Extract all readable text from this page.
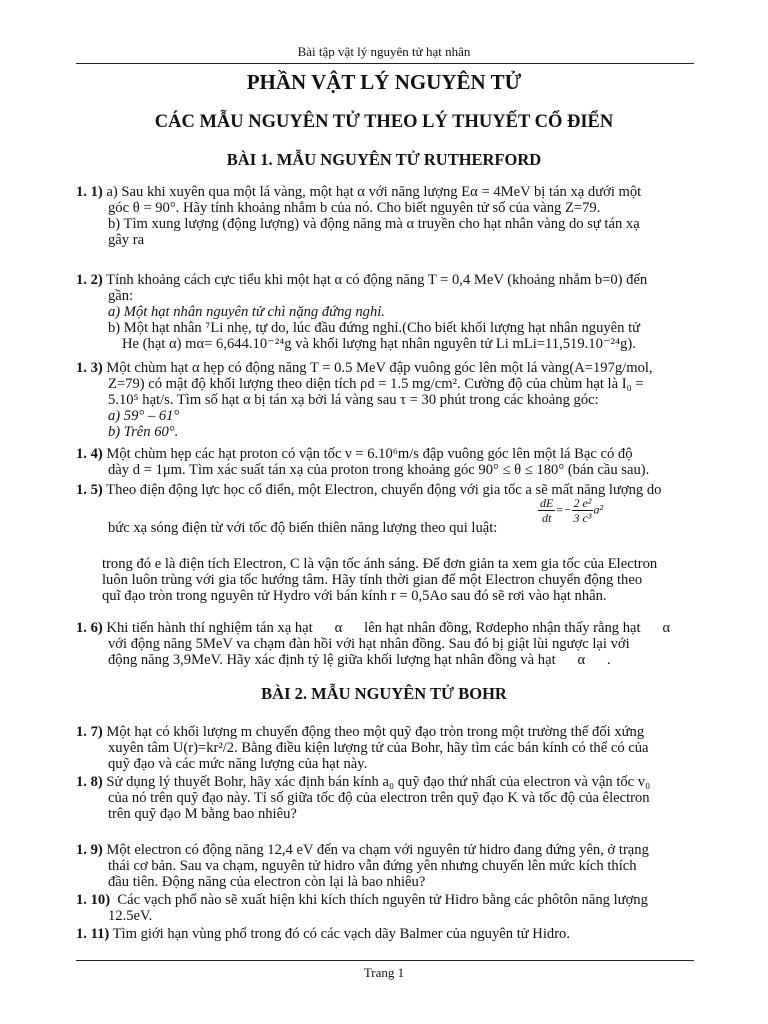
Bài tập vật lý nguyên tử hạt nhân
PHẦN VẬT LÝ NGUYÊN TỬ
CÁC MẪU NGUYÊN TỬ THEO LÝ THUYẾT CỔ ĐIỂN
BÀI 1. MẪU NGUYÊN TỬ RUTHERFORD
1. 1) a) Sau khi xuyên qua một lá vàng, một hạt α với năng lượng Eα = 4MeV bị tán xạ dưới một
góc θ = 90°. Hãy tính khoảng nhắm b của nó. Cho biết nguyên tử số của vàng Z=79.
b) Tìm xung lượng (động lượng) và động năng mà α truyền cho hạt nhân vàng do sự tán xạ
gây ra
1. 2) Tính khoảng cách cực tiểu khi một hạt α có động năng T = 0,4 MeV (khoảng nhắm b=0) đến
gần:
a) Một hạt nhân nguyên tử chì nặng đứng nghỉ.
b) Một hạt nhân ⁷Li nhẹ, tự do, lúc đầu đứng nghỉ.(Cho biết khối lượng hạt nhân nguyên tử
He (hạt α) mα= 6,644.10⁻²⁴g và khối lượng hạt nhân nguyên tử Li mLi=11,519.10⁻²⁴g).
1. 3) Một chùm hạt α hẹp có động năng T = 0.5 MeV đập vuông góc lên một lá vàng(A=197g/mol,
Z=79) có mật độ khối lượng theo diện tích ρd = 1.5 mg/cm². Cường độ của chùm hạt là I₀ =
5.10⁵ hạt/s. Tìm số hạt α bị tán xạ bởi lá vàng sau τ = 30 phút trong các khoảng góc:
a) 59° – 61°
b) Trên 60°.
1. 4) Một chùm hẹp các hạt proton có vận tốc ν = 6.10⁶m/s đập vuông góc lên một lá Bạc có độ
dày d = 1μm. Tìm xác suất tán xạ của proton trong khoảng góc 90° ≤ θ ≤ 180° (bán cầu sau).
1. 5) Theo điện động lực học cổ điển, một Electron, chuyển động với gia tốc a sẽ mất năng lượng do
bức xạ sóng điện từ với tốc độ biến thiên năng lượng theo qui luật:
trong đó e là điện tích Electron, C là vận tốc ánh sáng. Để đơn giản ta xem gia tốc của Electron
luôn luôn trùng với gia tốc hướng tâm. Hãy tính thời gian để một Electron chuyển động theo
quĩ đạo tròn trong nguyên tử Hydro với bán kính r = 0,5Ao sau đó sẽ rơi vào hạt nhân.
$\frac{dE}{dt} =- \frac{\text{2 e²}}{\text{3 c³}} a^2$
1. 6) Khi tiến hành thí nghiệm tán xạ hạt      α      lên hạt nhân đồng, Rơdepho nhận thấy rằng hạt      α
với động năng 5MeV va chạm đàn hồi với hạt nhân đồng. Sau đó bị giật lùi ngược lại với
động năng 3,9MeV. Hãy xác định tỷ lệ giữa khối lượng hạt nhân đồng và hạt      α      .
BÀI 2. MẪU NGUYÊN TỬ BOHR
1. 7) Một hạt có khối lượng m chuyển động theo một quỹ đạo tròn trong một trường thế đối xứng
xuyên tâm U(r)=kr²/2. Bằng điều kiện lượng tử của Bohr, hãy tìm các bán kính có thể có của
quỹ đạo và các mức năng lượng của hạt này.
1. 8) Sử dụng lý thuyết Bohr, hãy xác định bán kính a₀ quỹ đạo thứ nhất của electron và vận tốc v₀
của nó trên quỹ đạo này. Tỉ số giữa tốc độ của electron trên quỹ đạo K và tốc độ của êlectron
trên quỹ đạo M bằng bao nhiêu?
1. 9) Một electron có động năng 12,4 eV đến va chạm với nguyên tử hidro đang đứng yên, ở trạng
thái cơ bản. Sau va chạm, nguyên tử hidro vẫn đứng yên nhưng chuyển lên mức kích thích
đầu tiên. Động năng của electron còn lại là bao nhiêu?
1. 10)  Các vạch phổ nào sẽ xuất hiện khi kích thích nguyên tử Hidro bằng các phôtôn năng lượng
12.5eV.
1. 11) Tìm giới hạn vùng phổ trong đó có các vạch dãy Balmer của nguyên tử Hidro.
Trang 1
